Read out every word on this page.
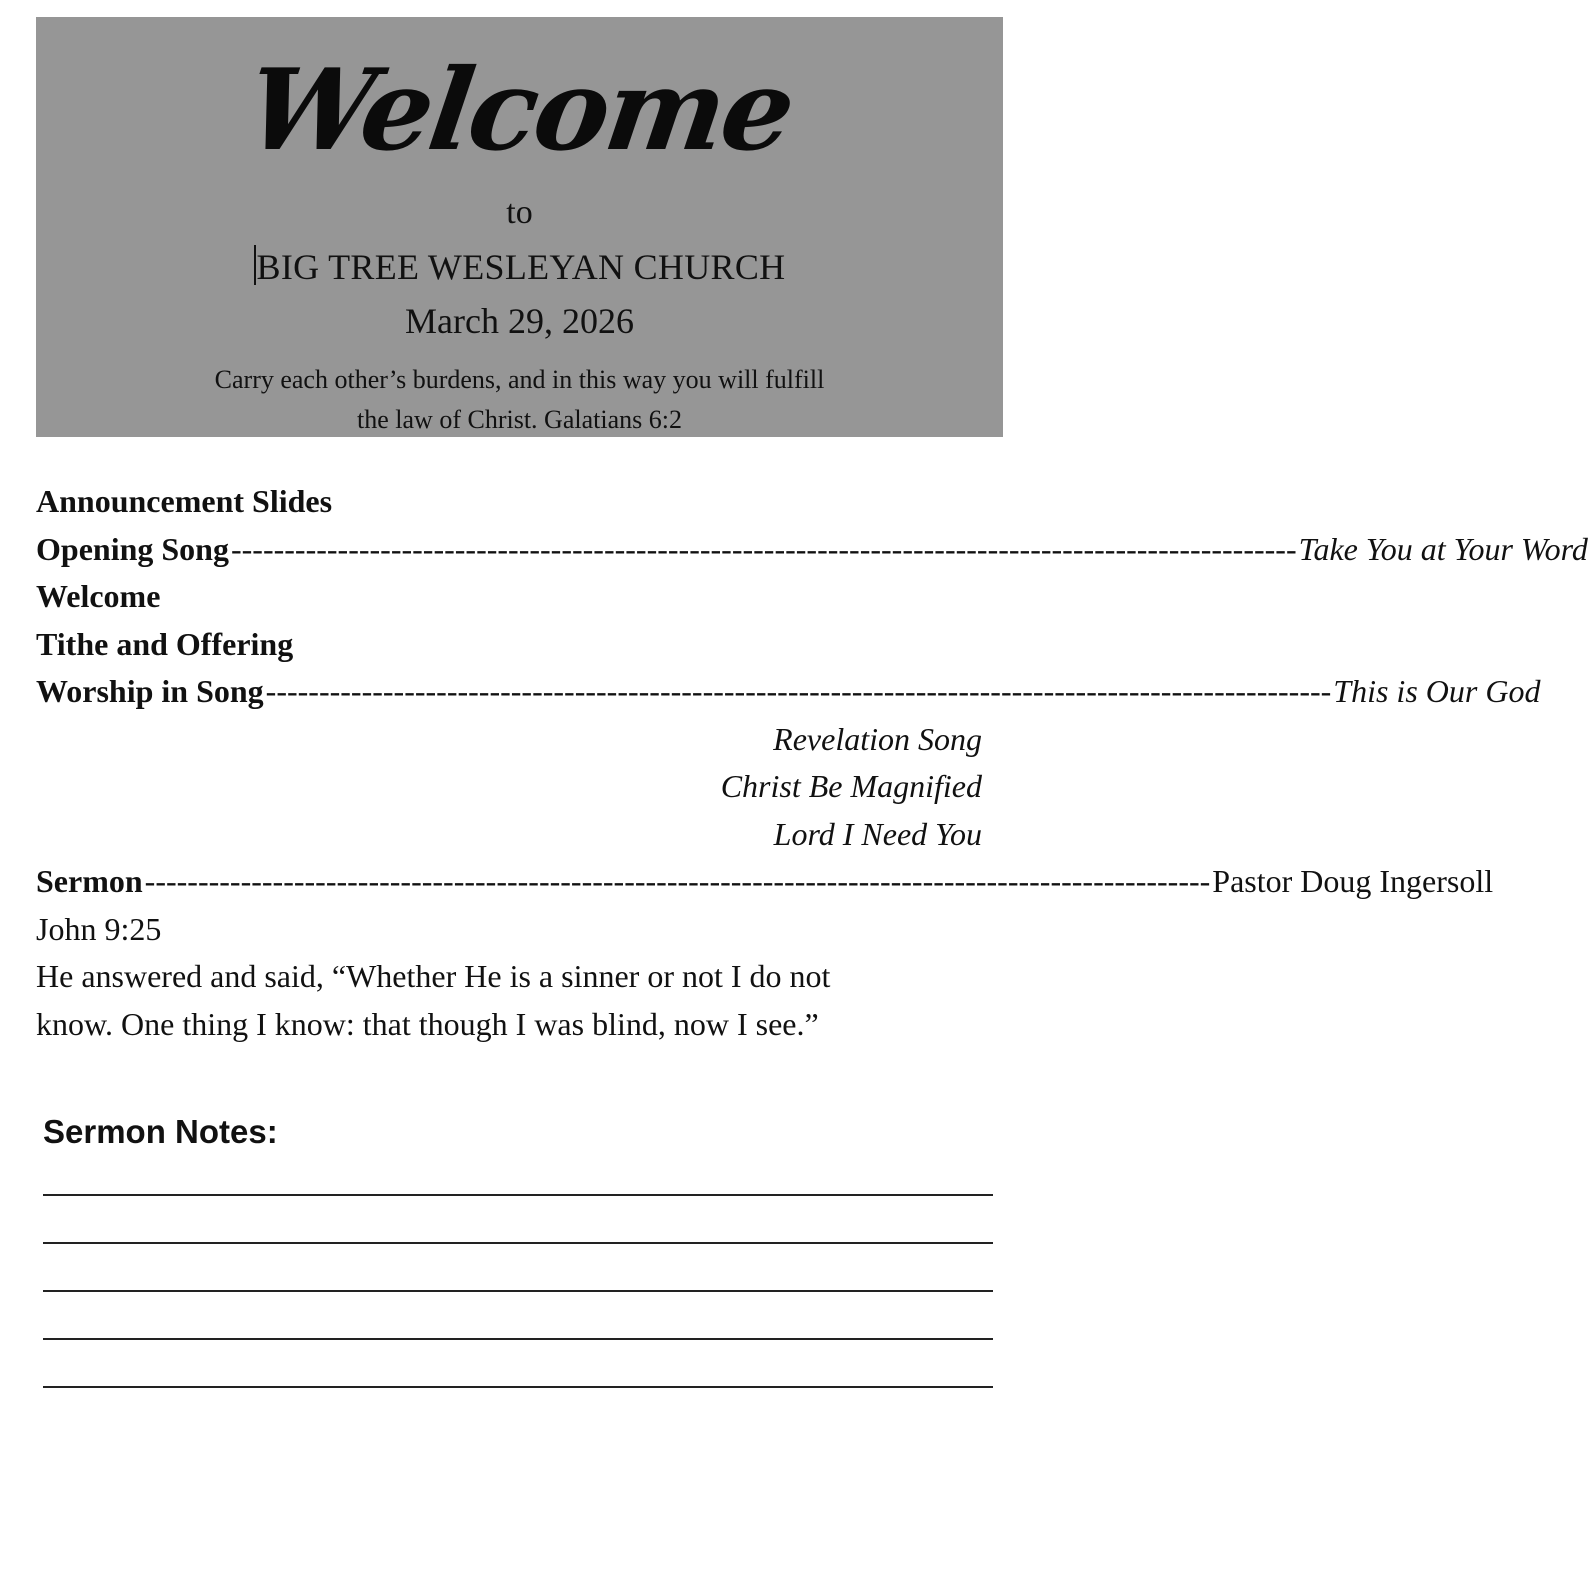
Welcome
to
BIG TREE WESLEYAN CHURCH
March 29, 2026
Carry each other’s burdens, and in this way you will fulfill
the law of Christ. Galatians 6:2
Announcement Slides
Opening Song ---------------------------------------------------------------------------------------------------- Take You at Your Word
Welcome
Tithe and Offering
Worship in Song ---------------------------------------------------------------------------------------------------- This is Our God
Revelation Song
Christ Be Magnified
Lord I Need You
Sermon ---------------------------------------------------------------------------------------------------- Pastor Doug Ingersoll
John 9:25
He answered and said, “Whether He is a sinner or not I do not
know. One thing I know: that though I was blind, now I see.”
Sermon Notes:
